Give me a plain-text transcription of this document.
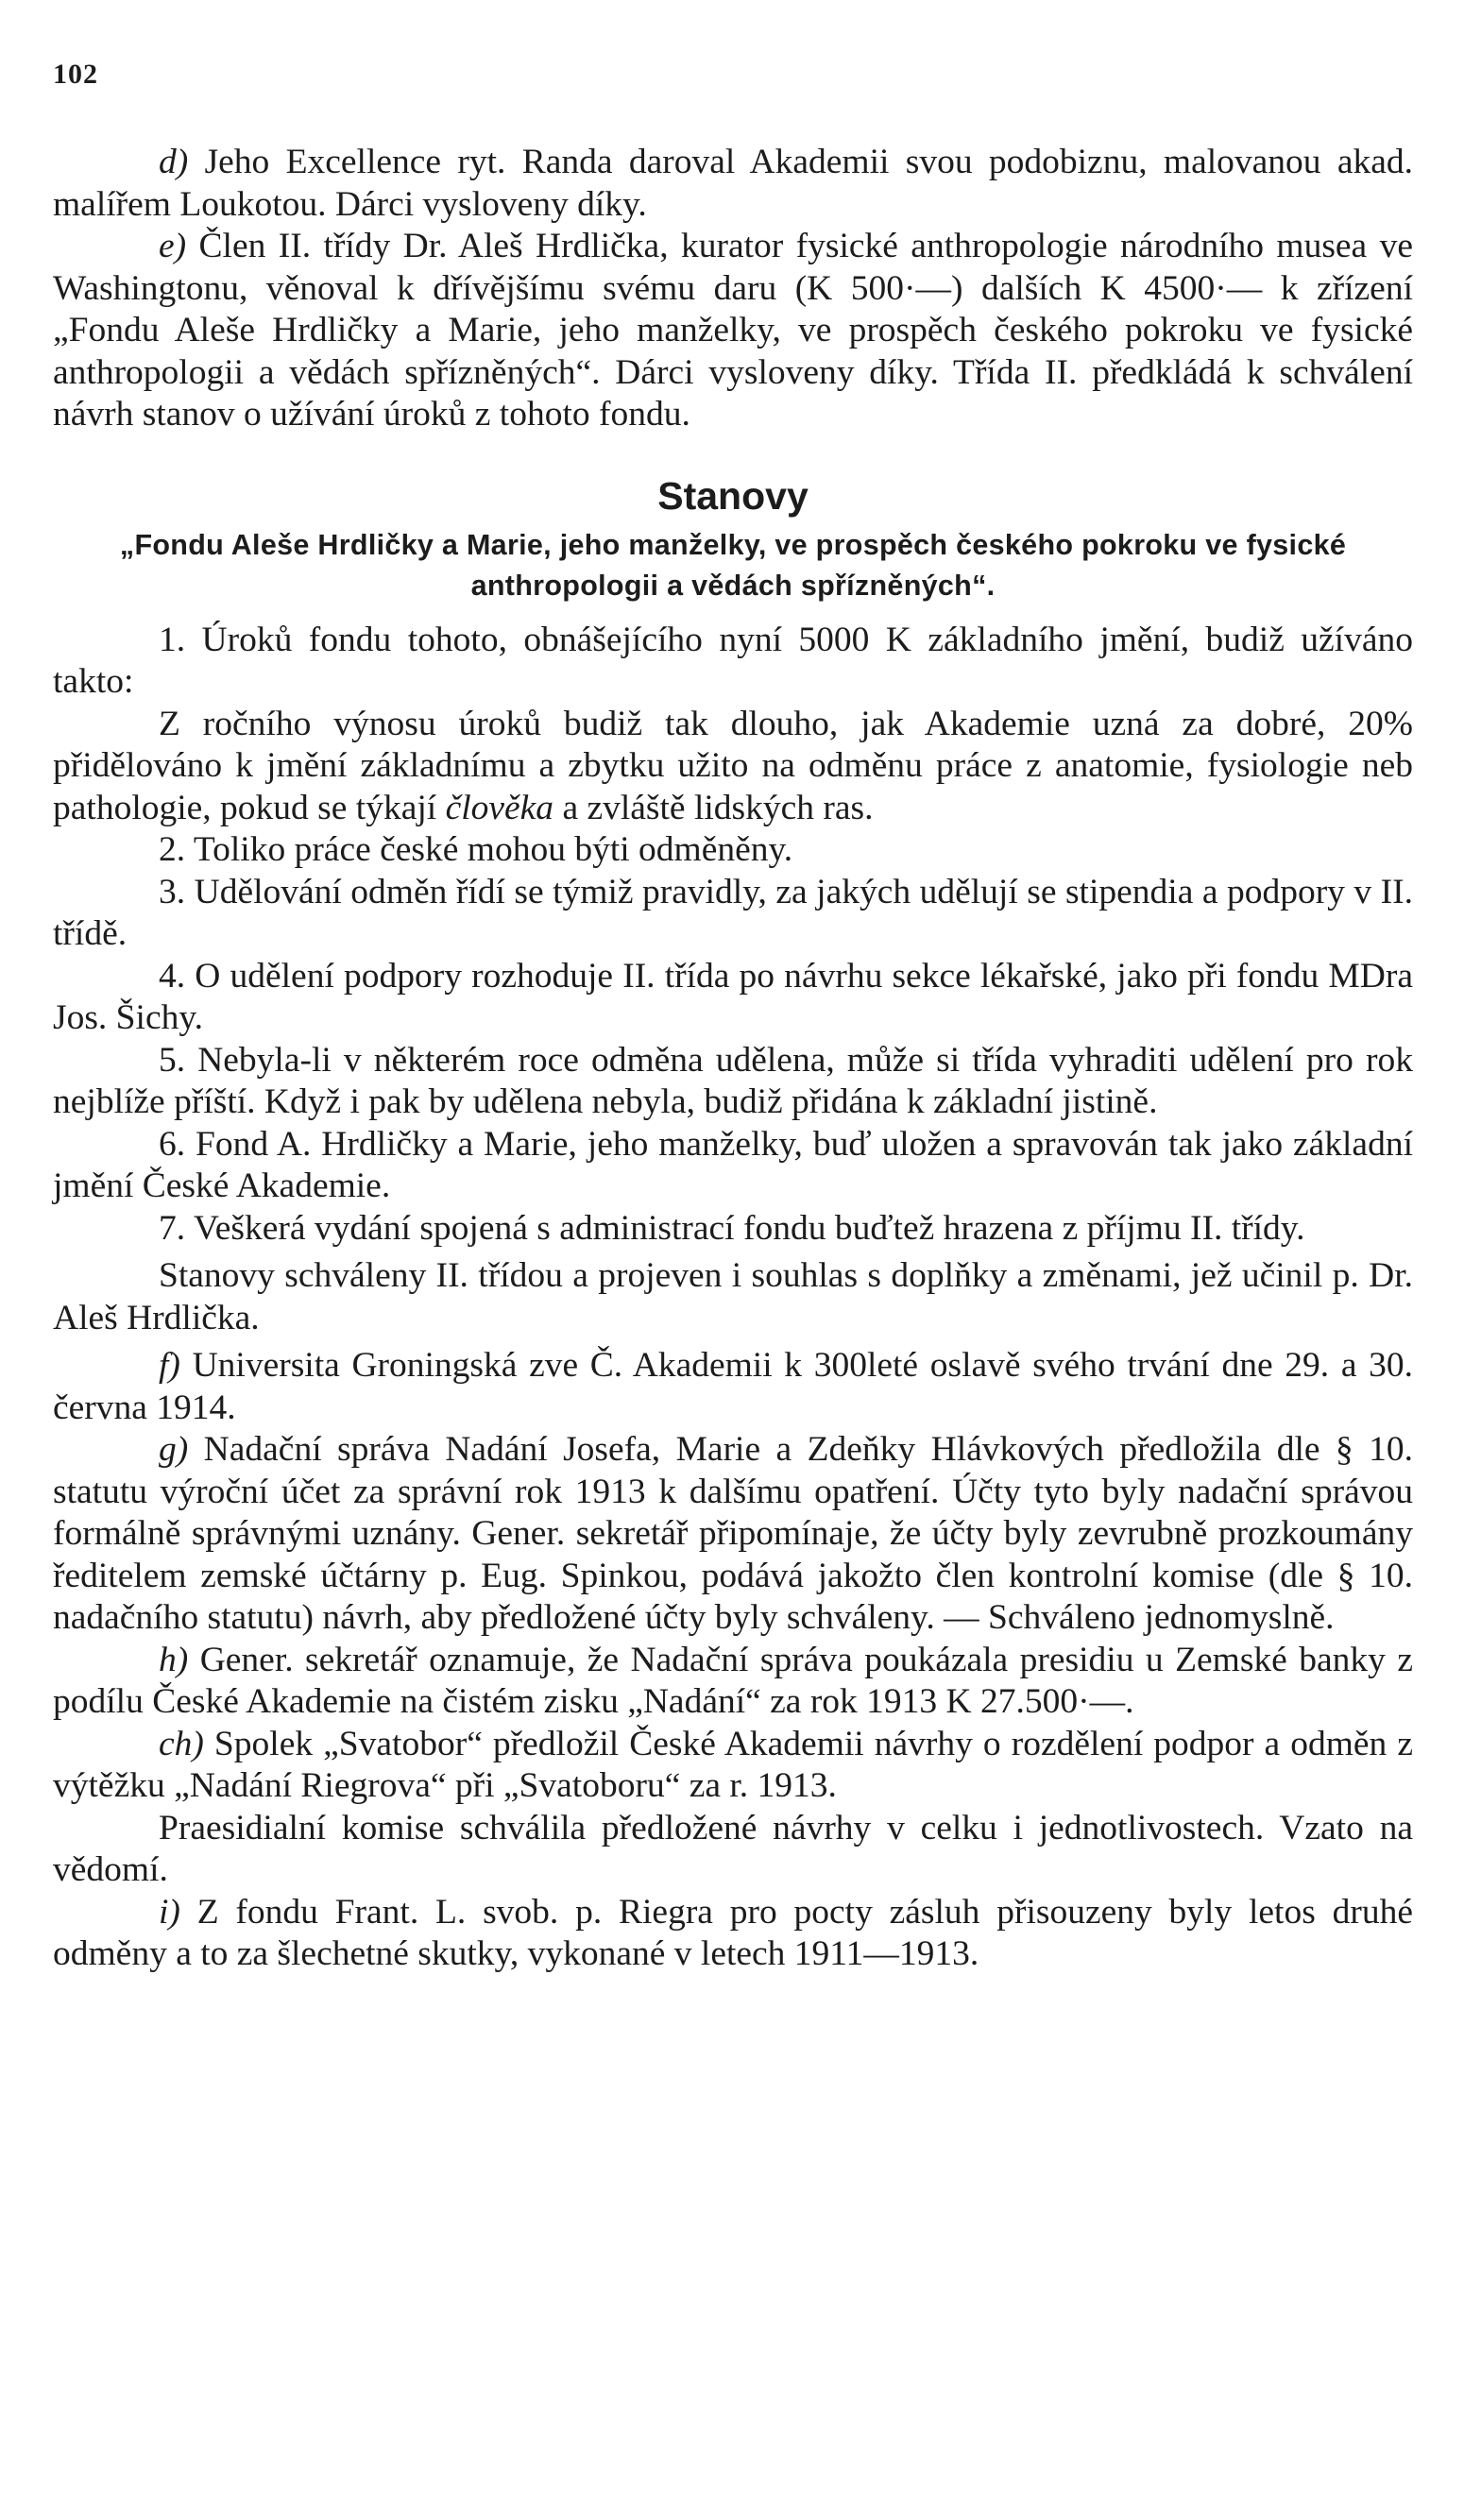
102

d) Jeho Excellence ryt. Randa daroval Akademii svou podobiznu, malovanou akad. malířem Loukotou. Dárci vysloveny díky.

e) Člen II. třídy Dr. Aleš Hrdlička, kurator fysické anthropologie národního musea ve Washingtonu, věnoval k dřívějšímu svému daru (K 500·—) dalších K 4500·— k zřízení „Fondu Aleše Hrdličky a Marie, jeho manželky, ve prospěch českého pokroku ve fysické anthropologii a vědách spřízněných“. Dárci vysloveny díky. Třída II. předkládá k schválení návrh stanov o užívání úroků z tohoto fondu.

Stanovy
„Fondu Aleše Hrdličky a Marie, jeho manželky, ve prospěch českého pokroku ve fysické anthropologii a vědách spřízněných“.

1. Úroků fondu tohoto, obnášejícího nyní 5000 K základního jmění, budiž užíváno takto:

Z ročního výnosu úroků budiž tak dlouho, jak Akademie uzná za dobré, 20% přidělováno k jmění základnímu a zbytku užito na odměnu práce z anatomie, fysiologie neb pathologie, pokud se týkají člověka a zvláště lidských ras.

2. Toliko práce české mohou býti odměněny.

3. Udělování odměn řídí se týmiž pravidly, za jakých udělují se stipendia a podpory v II. třídě.

4. O udělení podpory rozhoduje II. třída po návrhu sekce lékařské, jako při fondu MDra Jos. Šichy.

5. Nebyla-li v některém roce odměna udělena, může si třída vyhraditi udělení pro rok nejblíže příští. Když i pak by udělena nebyla, budiž přidána k základní jistině.

6. Fond A. Hrdličky a Marie, jeho manželky, buď uložen a spravován tak jako základní jmění České Akademie.

7. Veškerá vydání spojená s administrací fondu buďtež hrazena z příjmu II. třídy.

Stanovy schváleny II. třídou a projeven i souhlas s doplňky a změnami, jež učinil p. Dr. Aleš Hrdlička.

f) Universita Groningská zve Č. Akademii k 300leté oslavě svého trvání dne 29. a 30. června 1914.

g) Nadační správa Nadání Josefa, Marie a Zdeňky Hlávkových předložila dle § 10. statutu výroční účet za správní rok 1913 k dalšímu opatření. Účty tyto byly nadační správou formálně správnými uznány. Gener. sekretář připomínaje, že účty byly zevrubně prozkoumány ředitelem zemské účtárny p. Eug. Spinkou, podává jakožto člen kontrolní komise (dle § 10. nadačního statutu) návrh, aby předložené účty byly schváleny. — Schváleno jednomyslně.

h) Gener. sekretář oznamuje, že Nadační správa poukázala presidiu u Zemské banky z podílu České Akademie na čistém zisku „Nadání“ za rok 1913 K 27.500·—.

ch) Spolek „Svatobor“ předložil České Akademii návrhy o rozdělení podpor a odměn z výtěžku „Nadání Riegrova“ při „Svatoboru“ za r. 1913.

Praesidialní komise schválila předložené návrhy v celku i jednotlivostech. Vzato na vědomí.

i) Z fondu Frant. L. svob. p. Riegra pro pocty zásluh přisouzeny byly letos druhé odměny a to za šlechetné skutky, vykonané v letech 1911—1913.
